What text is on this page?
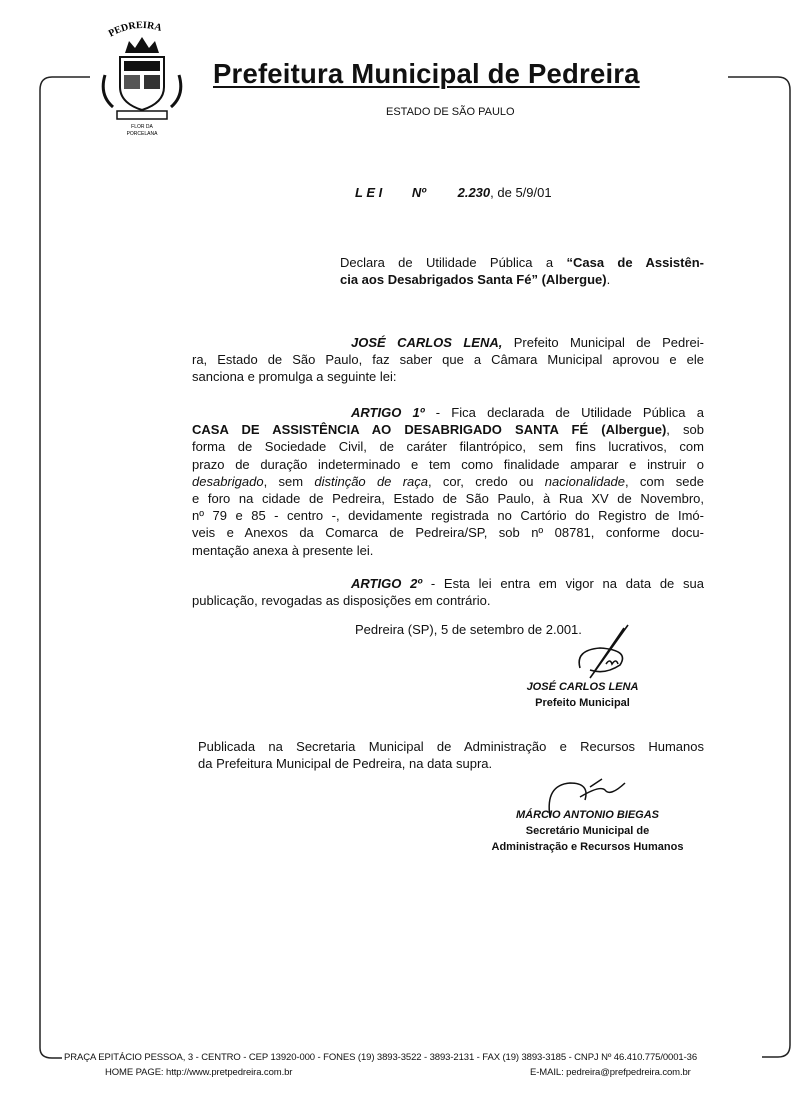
PEDREIRA
FLOR DA
PORCELANA
Prefeitura Municipal de Pedreira
ESTADO DE SÃO PAULO
L E I Nº 2.230, de 5/9/01
Declara de Utilidade Pública a “Casa de Assistên-
cia aos Desabrigados Santa Fé” (Albergue).
JOSÉ CARLOS LENA, Prefeito Municipal de Pedrei-
ra, Estado de São Paulo, faz saber que a Câmara Municipal aprovou e ele
sanciona e promulga a seguinte lei:
ARTIGO 1º - Fica declarada de Utilidade Pública a
CASA DE ASSISTÊNCIA AO DESABRIGADO SANTA FÉ (Albergue), sob
forma de Sociedade Civil, de caráter filantrópico, sem fins lucrativos, com
prazo de duração indeterminado e tem como finalidade amparar e instruir o
desabrigado, sem distinção de raça, cor, credo ou nacionalidade, com sede
e foro na cidade de Pedreira, Estado de São Paulo, à Rua XV de Novembro,
nº 79 e 85 - centro -, devidamente registrada no Cartório do Registro de Imó-
veis e Anexos da Comarca de Pedreira/SP, sob nº 08781, conforme docu-
mentação anexa à presente lei.
ARTIGO 2º - Esta lei entra em vigor na data de sua
publicação, revogadas as disposições em contrário.
Pedreira (SP), 5 de setembro de 2.001.
JOSÉ CARLOS LENA
Prefeito Municipal
Publicada na Secretaria Municipal de Administração e Recursos Humanos
da Prefeitura Municipal de Pedreira, na data supra.
MÁRCIO ANTONIO BIEGAS
Secretário Municipal de
Administração e Recursos Humanos
PRAÇA EPITÁCIO PESSOA, 3 - CENTRO - CEP 13920-000 - FONES (19) 3893-3522 - 3893-2131 - FAX (19) 3893-3185 - CNPJ Nº 46.410.775/0001-36
HOME PAGE: http://www.pretpedreira.com.br	E-MAIL: pedreira@prefpedreira.com.br
